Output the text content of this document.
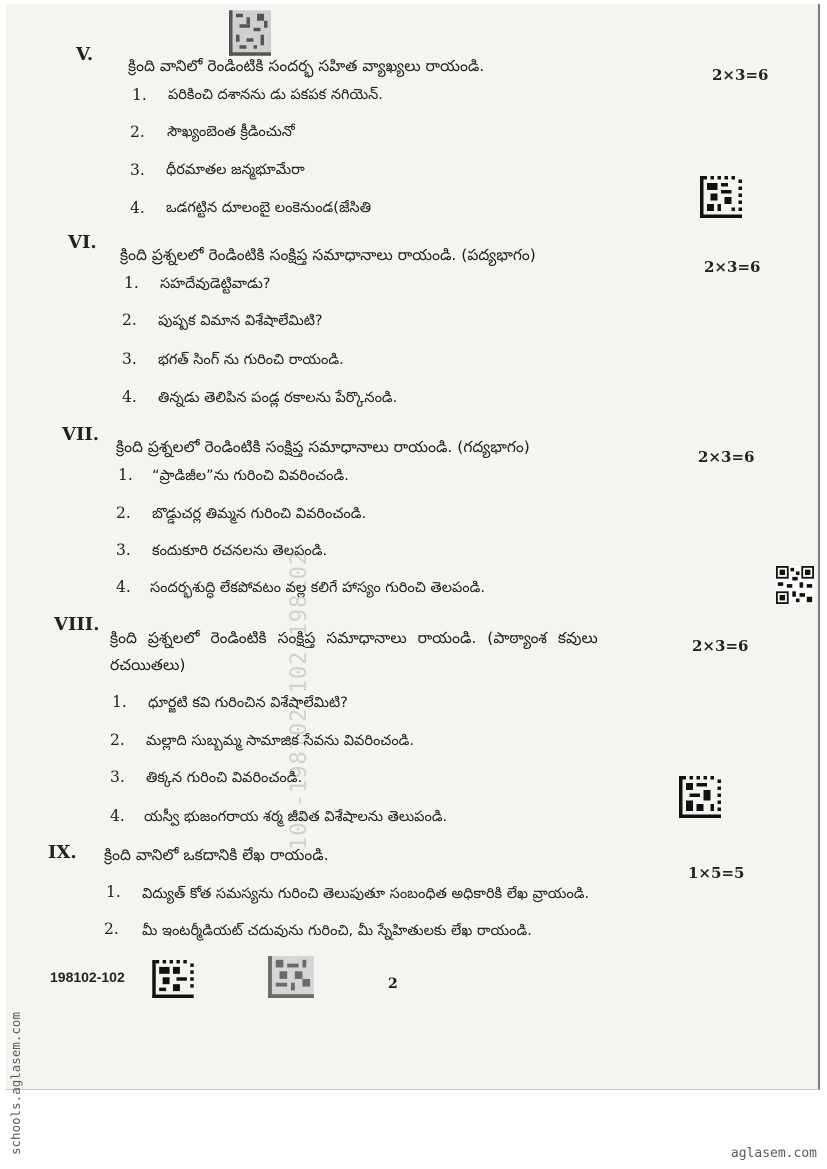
102-198102-102-198102
V.
క్రింది వానిలో రెండింటికి సందర్భ సహిత వ్యాఖ్యలు రాయండి.	2×3=6
1. పరికించి దశానను డు పకపక నగియెన్.
2. సౌఖ్యంబెంత క్రీడించునో
3. ధీరమాతల జన్మభూమేరా
4. ఒడగట్టిన దూలంబై లంకెనుండ(జేసితి
VI.
క్రింది ప్రశ్నలలో రెండింటికి సంక్షిప్త సమాధానాలు రాయండి. (పద్యభాగం)
2×3=6
1. సహదేవుడెట్టివాడు?
2. పుష్పక విమాన విశేషాలేమిటి?
3. భగత్ సింగ్ ను గురించి రాయండి.
4. తిన్నడు తెలిపిన పండ్ల రకాలను పేర్కొనండి.
VII.
క్రింది ప్రశ్నలలో రెండింటికి సంక్షిప్త సమాధానాలు రాయండి. (గద్యభాగం)
2×3=6
1. “ప్రాడిజీల”ను గురించి వివరించండి.
2. బొడ్డుచర్ల తిమ్మన గురించి వివరించండి.
3. కందుకూరి రచనలను తెలపండి.
4. సందర్భశుద్ధి లేకపోవటం వల్ల కలిగే హాస్యం గురించి తెలపండి.
VIII.
క్రింది ప్రశ్నలలో రెండింటికి సంక్షిప్త సమాధానాలు రాయండి. (పాఠ్యాంశ కవులు
రచయితలు)
2×3=6
1. ధూర్జటి కవి గురించిన విశేషాలేమిటి?
2. మల్లాది సుబ్బమ్మ సామాజిక సేవను వివరించండి.
3. తిక్కన గురించి వివరించండి.
4. యస్వీ భుజంగరాయ శర్మ జీవిత విశేషాలను తెలుపండి.
IX. క్రింది వానిలో ఒకదానికి లేఖ రాయండి.
1×5=5
1. విద్యుత్ కోత సమస్యను గురించి తెలుపుతూ సంబంధిత అధికారికి లేఖ వ్రాయండి.
2. మీ ఇంటర్మీడియట్ చదువును గురించి, మీ స్నేహితులకు లేఖ రాయండి.
198102-102	2
schools.aglasem.com	aglasem.com
